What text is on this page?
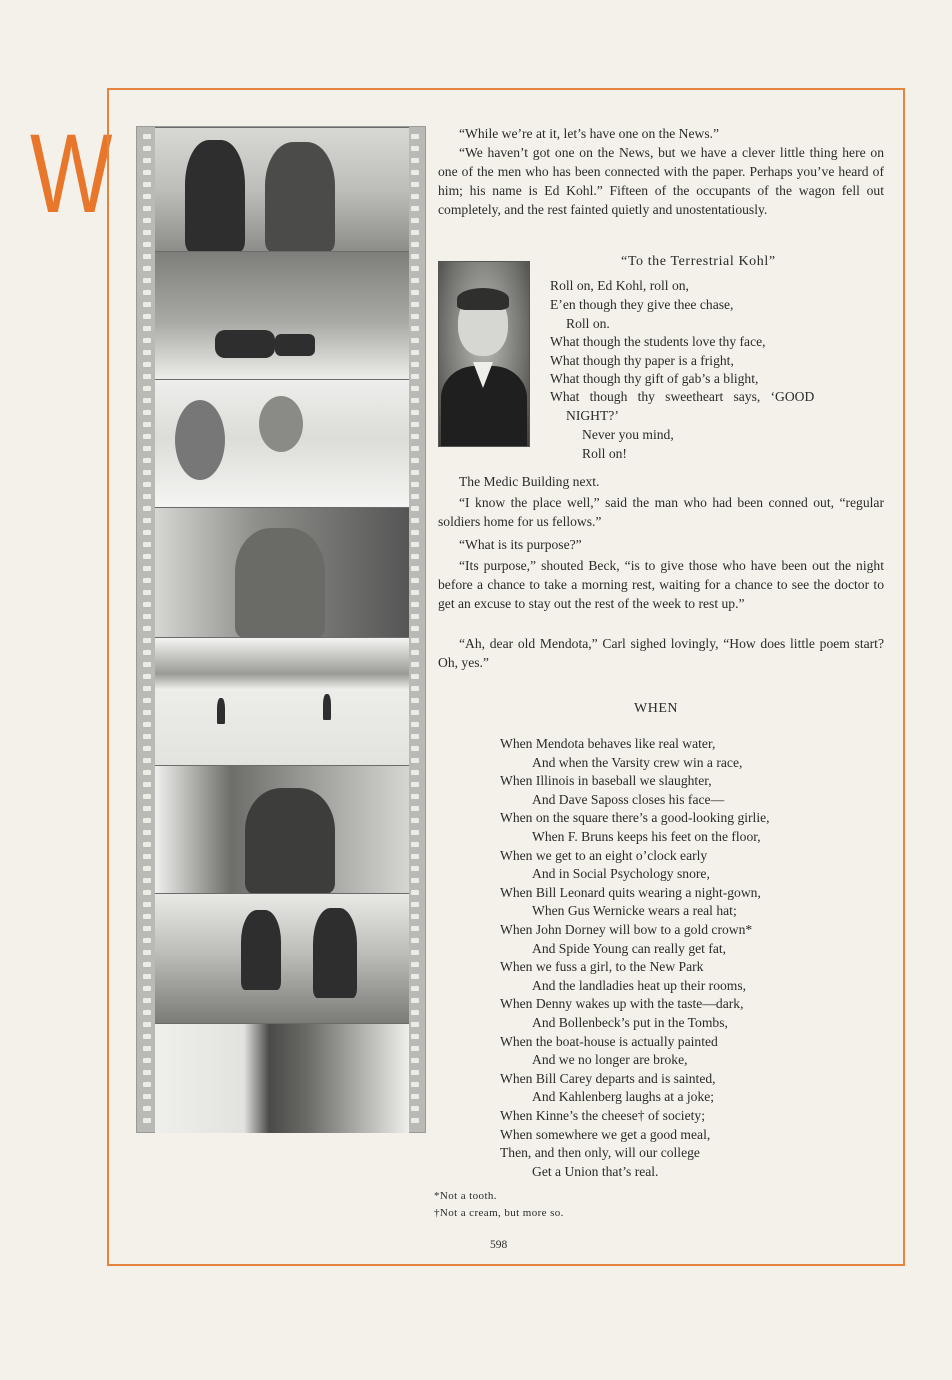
W	“While we’re at it, let’s have one on the News.”

“We haven’t got one on the News, but we have a clever little thing here on one of the men who has been connected with the paper. Perhaps you’ve heard of him; his name is Ed Kohl.” Fifteen of the occupants of the wagon fell out completely, and the rest fainted quietly and unostentatiously.

“To the Terrestrial Kohl”
Roll on, Ed Kohl, roll on,
E’en though they give thee chase,
Roll on.
What though the students love thy face,
What though thy paper is a fright,
What though thy gift of gab’s a blight,
What   though   thy   sweetheart   says,   ‘GOOD
NIGHT?’
Never you mind,
Roll on!

The Medic Building next.

“I know the place well,” said the man who had been conned out, “regular soldiers home for us fellows.”

“What is its purpose?”

“Its purpose,” shouted Beck, “is to give those who have been out the night before a chance to take a morning rest, waiting for a chance to see the doctor to get an excuse to stay out the rest of the week to rest up.”

“Ah, dear old Mendota,” Carl sighed lovingly, “How does little poem start? Oh, yes.”

WHEN
When Mendota behaves like real water,
And when the Varsity crew win a race,
When Illinois in baseball we slaughter,
And Dave Saposs closes his face—
When on the square there’s a good-looking girlie,
When F. Bruns keeps his feet on the floor,
When we get to an eight o’clock early
And in Social Psychology snore,
When Bill Leonard quits wearing a night-gown,
When Gus Wernicke wears a real hat;
When John Dorney will bow to a gold crown*
And Spide Young can really get fat,
When we fuss a girl, to the New Park
And the landladies heat up their rooms,
When Denny wakes up with the taste—dark,
And Bollenbeck’s put in the Tombs,
When the boat-house is actually painted
And we no longer are broke,
When Bill Carey departs and is sainted,
And Kahlenberg laughs at a joke;
When Kinne’s the cheese† of society;
When somewhere we get a good meal,
Then, and then only, will our college
Get a Union that’s real.
*Not a tooth.
†Not a cream, but more so.
598
